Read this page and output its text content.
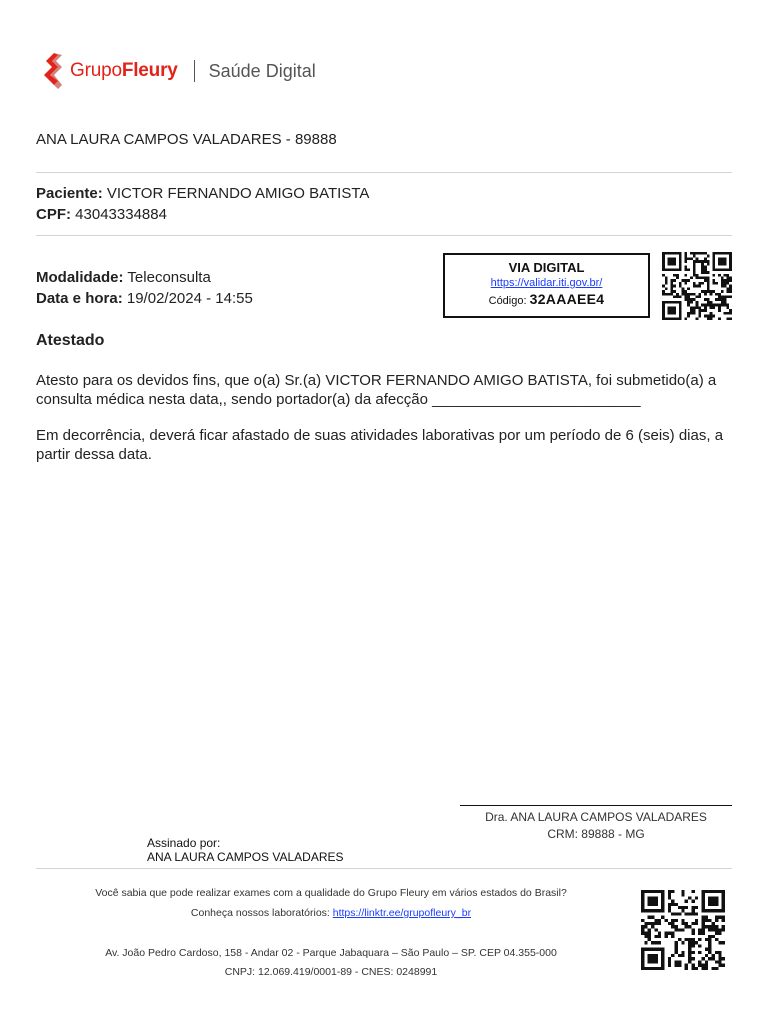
Grupo Fleury Saúde Digital
ANA LAURA CAMPOS VALADARES - 89888
Paciente: VICTOR FERNANDO AMIGO BATISTA
CPF: 43043334884
Modalidade: Teleconsulta
Data e hora: 19/02/2024 - 14:55
VIA DIGITAL
https://validar.iti.gov.br/
Código: 32AAAEE4
Atestado
Atesto para os devidos fins, que o(a) Sr.(a) VICTOR FERNANDO AMIGO BATISTA, foi submetido(a) a consulta médica nesta data,, sendo portador(a) da afecção _________________________
Em decorrência, deverá ficar afastado de suas atividades laborativas por um período de 6 (seis) dias, a partir dessa data.
Dra. ANA LAURA CAMPOS VALADARES
CRM: 89888 - MG
Assinado por:
ANA LAURA CAMPOS VALADARES
Você sabia que pode realizar exames com a qualidade do Grupo Fleury em vários estados do Brasil?
Conheça nossos laboratórios: https://linktr.ee/grupofleury_br
Av. João Pedro Cardoso, 158 - Andar 02 - Parque Jabaquara – São Paulo – SP. CEP 04.355-000
CNPJ: 12.069.419/0001-89 - CNES: 0248991
